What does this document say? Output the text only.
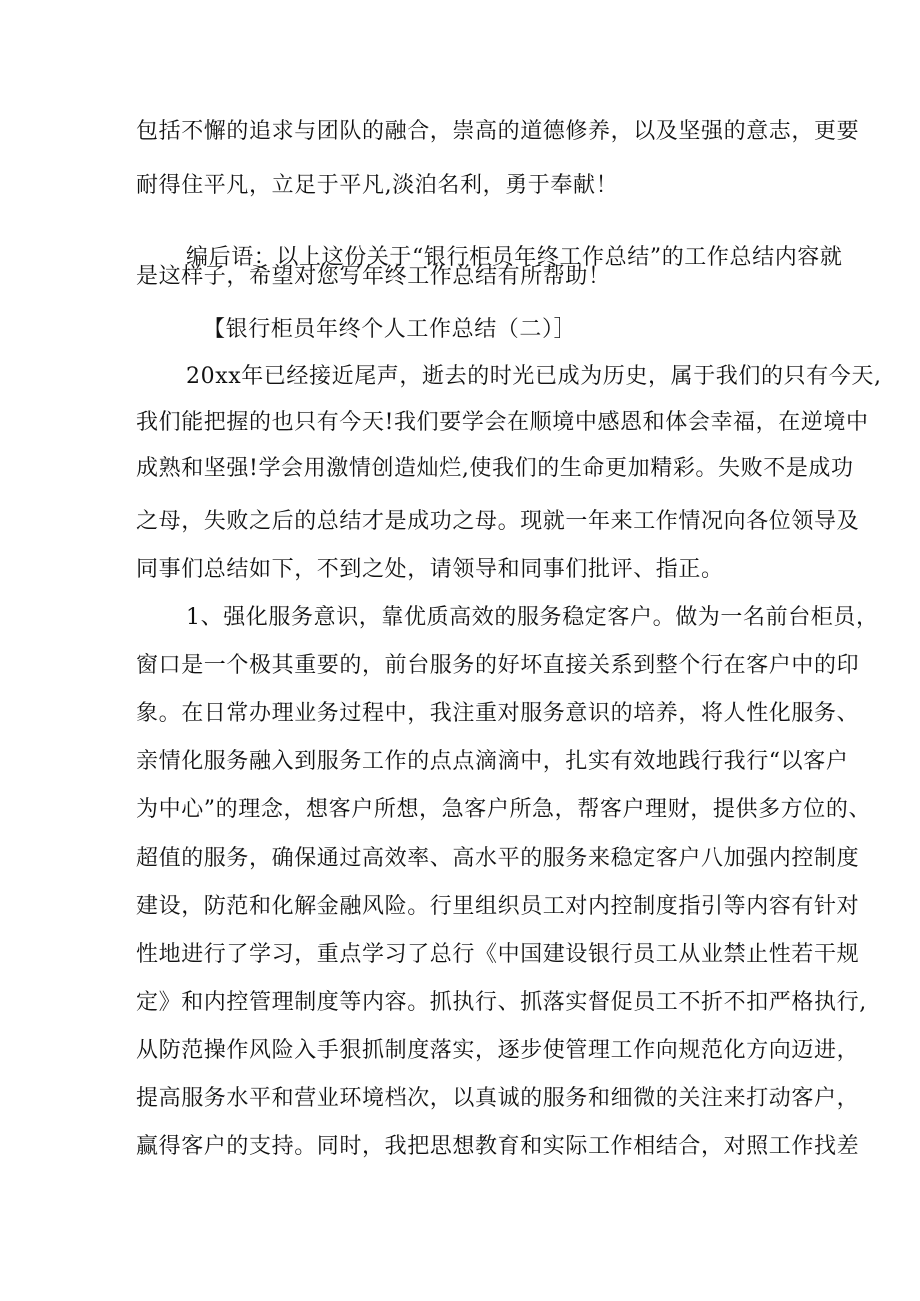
包括不懈的追求与团队的融合，崇高的道德修养，以及坚强的意志，更要
耐得住平凡，立足于平凡,淡泊名利，勇于奉献！
编后语：以上这份关于“银行柜员年终工作总结”的工作总结内容就
是这样子，希望对您写年终工作总结有所帮助！
【银行柜员年终个人工作总结（二）］
20xx年已经接近尾声，逝去的时光已成为历史，属于我们的只有今天,
我们能把握的也只有今天!我们要学会在顺境中感恩和体会幸福，在逆境中
成熟和坚强!学会用激情创造灿烂,使我们的生命更加精彩。失败不是成功
之母，失败之后的总结才是成功之母。现就一年来工作情况向各位领导及
同事们总结如下，不到之处，请领导和同事们批评、指正。
1、强化服务意识，靠优质高效的服务稳定客户。做为一名前台柜员，
窗口是一个极其重要的，前台服务的好坏直接关系到整个行在客户中的印
象。在日常办理业务过程中，我注重对服务意识的培养，将人性化服务、
亲情化服务融入到服务工作的点点滴滴中，扎实有效地践行我行“以客户
为中心”的理念，想客户所想，急客户所急，帮客户理财，提供多方位的、
超值的服务，确保通过高效率、高水平的服务来稳定客户八加强内控制度
建设，防范和化解金融风险。行里组织员工对内控制度指引等内容有针对
性地进行了学习，重点学习了总行《中国建设银行员工从业禁止性若干规
定》和内控管理制度等内容。抓执行、抓落实督促员工不折不扣严格执行,
从防范操作风险入手狠抓制度落实，逐步使管理工作向规范化方向迈进，
提高服务水平和营业环境档次，以真诚的服务和细微的关注来打动客户，
赢得客户的支持。同时，我把思想教育和实际工作相结合，对照工作找差
